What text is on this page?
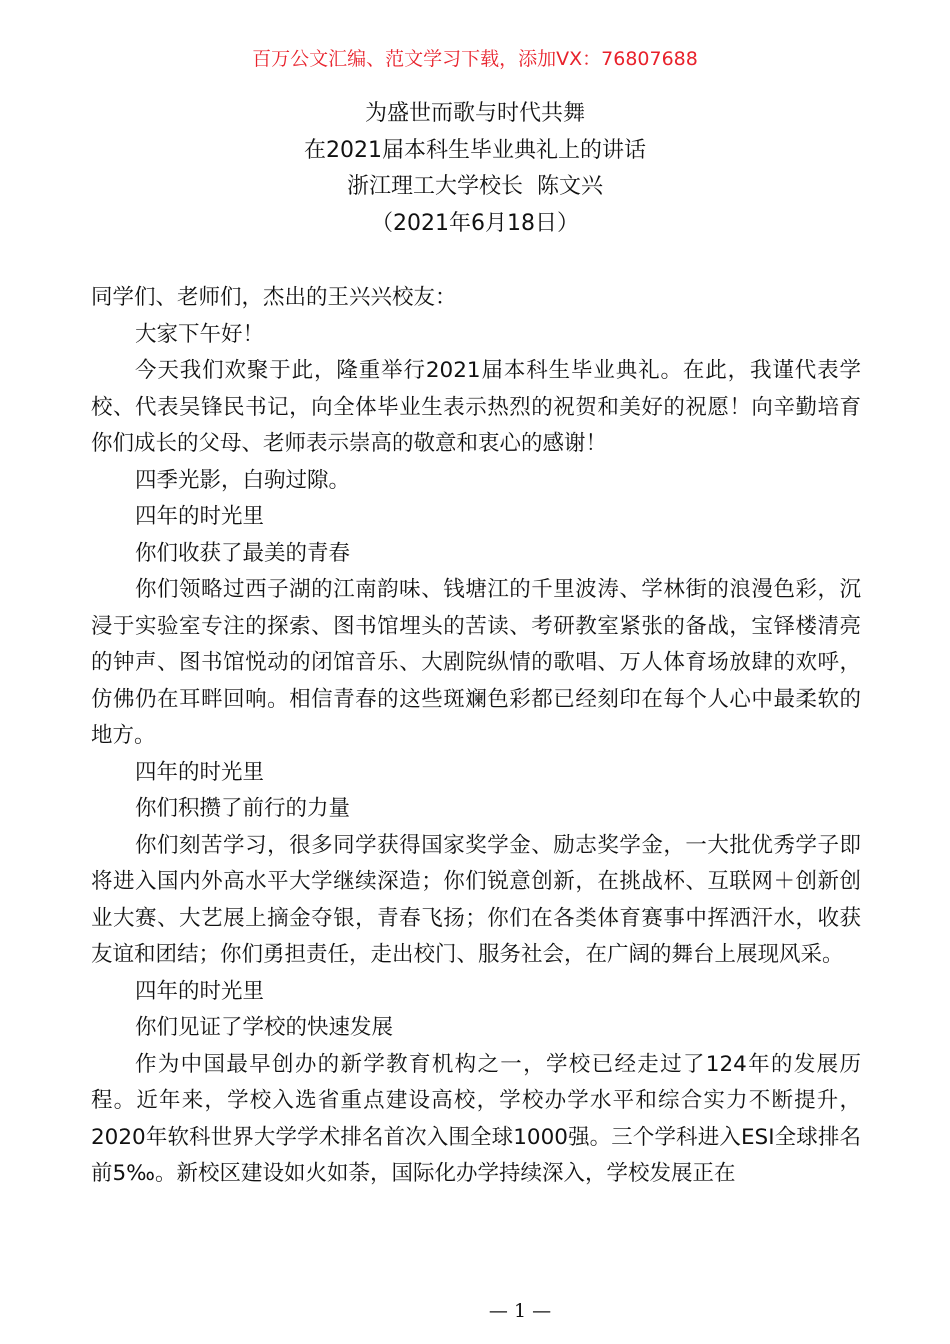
百万公文汇编、范文学习下载，添加VX：76807688
为盛世而歌与时代共舞
在2021届本科生毕业典礼上的讲话
浙江理工大学校长  陈文兴
（2021年6月18日）

同学们、老师们，杰出的王兴兴校友：

大家下午好！

今天我们欢聚于此，隆重举行2021届本科生毕业典礼。在此，我谨代表学校、代表吴锋民书记，向全体毕业生表示热烈的祝贺和美好的祝愿！向辛勤培育你们成长的父母、老师表示崇高的敬意和衷心的感谢！

四季光影，白驹过隙。

四年的时光里

你们收获了最美的青春

你们领略过西子湖的江南韵味、钱塘江的千里波涛、学林街的浪漫色彩，沉浸于实验室专注的探索、图书馆埋头的苦读、考研教室紧张的备战，宝铎楼清亮的钟声、图书馆悦动的闭馆音乐、大剧院纵情的歌唱、万人体育场放肆的欢呼，仿佛仍在耳畔回响。相信青春的这些斑斓色彩都已经刻印在每个人心中最柔软的地方。

四年的时光里

你们积攒了前行的力量

你们刻苦学习，很多同学获得国家奖学金、励志奖学金，一大批优秀学子即将进入国内外高水平大学继续深造；你们锐意创新，在挑战杯、互联网＋创新创业大赛、大艺展上摘金夺银，青春飞扬；你们在各类体育赛事中挥洒汗水，收获友谊和团结；你们勇担责任，走出校门、服务社会，在广阔的舞台上展现风采。

四年的时光里

你们见证了学校的快速发展

作为中国最早创办的新学教育机构之一，学校已经走过了124年的发展历程。近年来，学校入选省重点建设高校，学校办学水平和综合实力不断提升，2020年软科世界大学学术排名首次入围全球1000强。三个学科进入ESI全球排名前5‰。新校区建设如火如荼，国际化办学持续深入，学校发展正在

— 1 —
